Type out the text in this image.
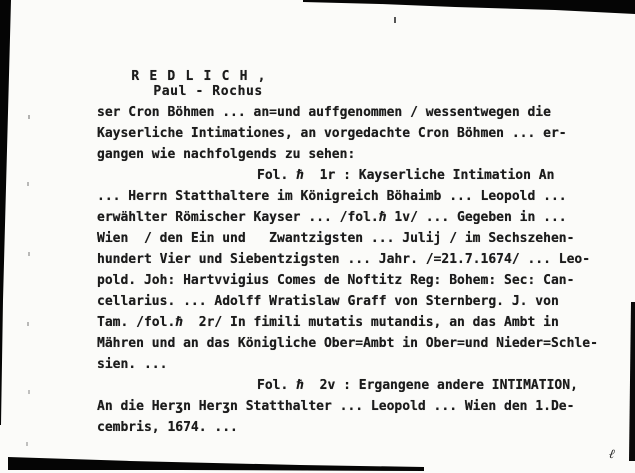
R E D L I C H ,
Paul - Rochus

ser Cron Böhmen ... an=und auffgenommen / wessentwegen die
Kayserliche Intimationes, an vorgedachte Cron Böhmen ... er-
gangen wie nachfolgends zu sehen:
Fol. ℏ  1r : Kayserliche Intimation An
... Herrn Statthaltere im Königreich Böhaimb ... Leopold ...
erwählter Römischer Kayser ... /fol.ℏ 1v/ ... Gegeben in ...
Wien  / den Ein und   Zwantzigsten ... Julij / im Sechszehen-
hundert Vier und Siebentzigsten ... Jahr. /=21.7.1674/ ... Leo-
pold. Joh: Hartvvigius Comes de Noftitz Reg: Bohem: Sec: Can-
cellarius. ... Adolff Wratislaw Graff von Sternberg. J. von
Tam. /fol.ℏ  2r/ In fimili mutatis mutandis, an das Ambt in
Mähren und an das Königliche Ober=Ambt in Ober=und Nieder=Schle-
sien. ...
Fol. ℏ  2v : Ergangene andere INTIMATION,
An die Herʒn Herʒn Statthalter ... Leopold ... Wien den 1.De-
cembris, 1674. ...
ℓ
